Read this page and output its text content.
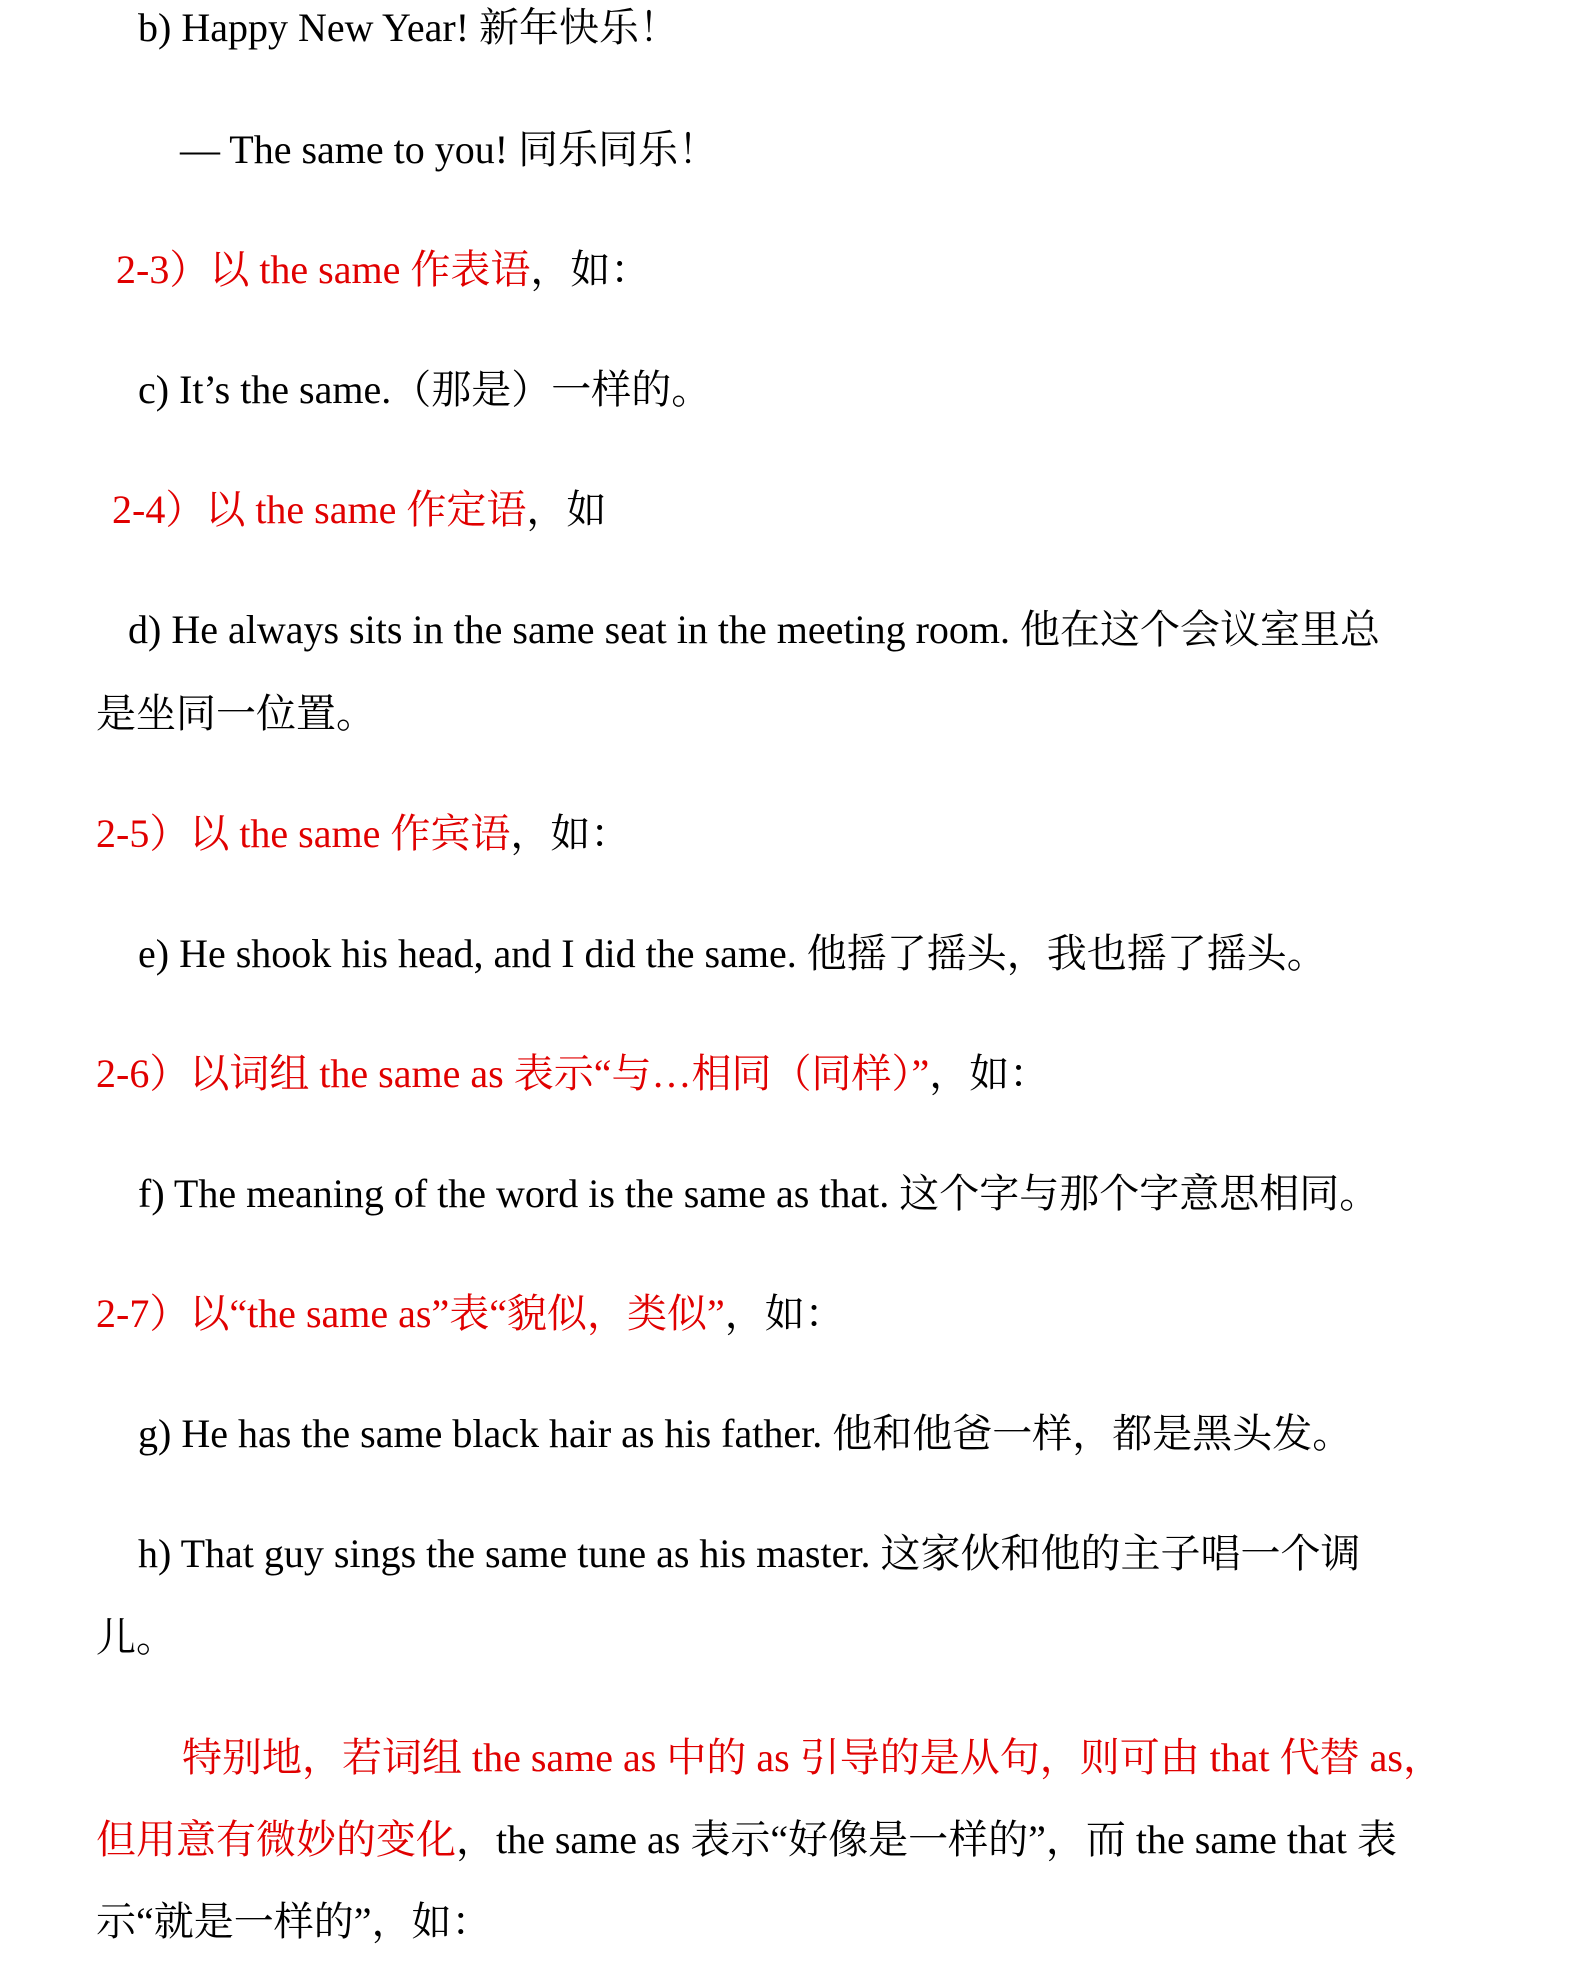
b) Happy New Year! 新年快乐！
— The same to you! 同乐同乐！
2-3）以 the same 作表语，如：
c) It’s the same.（那是）一样的。
2-4）以 the same 作定语，如
d) He always sits in the same seat in the meeting room. 他在这个会议室里总
是坐同一位置。
2-5）以 the same 作宾语，如：
e) He shook his head, and I did the same. 他摇了摇头，我也摇了摇头。
2-6）以词组 the same as 表示“与…相同（同样）”，如：
f) The meaning of the word is the same as that. 这个字与那个字意思相同。
2-7）以“the same as”表“貌似，类似”，如：
g) He has the same black hair as his father. 他和他爸一样，都是黑头发。
h) That guy sings the same tune as his master. 这家伙和他的主子唱一个调
儿。
特别地，若词组 the same as 中的 as 引导的是从句，则可由 that 代替 as，
但用意有微妙的变化，the same as 表示“好像是一样的”，而 the same that 表
示“就是一样的”，如：
